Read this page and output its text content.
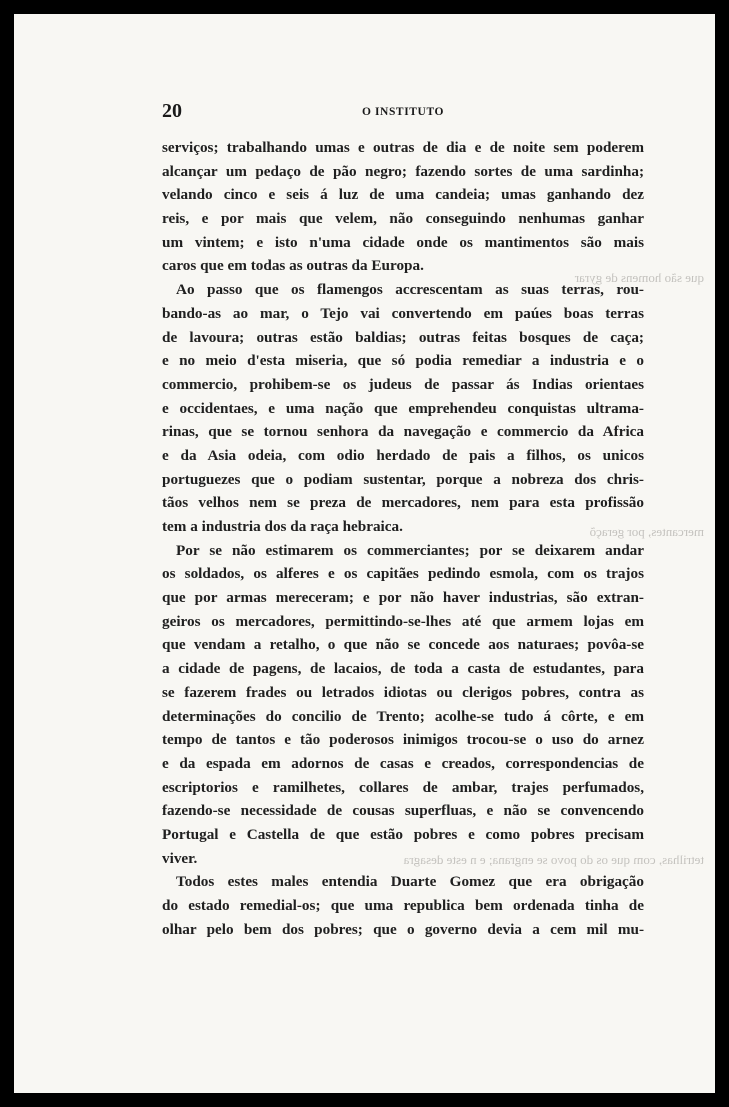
que são homens de gyrar
mercantes, por geraçõ
tetrilhas, com que os do povo se engrana; e n este desagra
20	O INSTITUTO
serviços; trabalhando umas e outras de dia e de noite sem poderem
alcançar um pedaço de pão negro; fazendo sortes de uma sardinha;
velando cinco e seis á luz de uma candeia; umas ganhando dez
reis, e por mais que velem, não conseguindo nenhumas ganhar
um vintem; e isto n'uma cidade onde os mantimentos são mais
caros que em todas as outras da Europa.
Ao passo que os flamengos accrescentam as suas terras, rou-
bando-as ao mar, o Tejo vai convertendo em paúes boas terras
de lavoura; outras estão baldias; outras feitas bosques de caça;
e no meio d'esta miseria, que só podia remediar a industria e o
commercio, prohibem-se os judeus de passar ás Indias orientaes
e occidentaes, e uma nação que emprehendeu conquistas ultrama-
rinas, que se tornou senhora da navegação e commercio da Africa
e da Asia odeia, com odio herdado de pais a filhos, os unicos
portuguezes que o podiam sustentar, porque a nobreza dos chris-
tãos velhos nem se preza de mercadores, nem para esta profissão
tem a industria dos da raça hebraica.
Por se não estimarem os commerciantes; por se deixarem andar
os soldados, os alferes e os capitães pedindo esmola, com os trajos
que por armas mereceram; e por não haver industrias, são extran-
geiros os mercadores, permittindo-se-lhes até que armem lojas em
que vendam a retalho, o que não se concede aos naturaes; povôa-se
a cidade de pagens, de lacaios, de toda a casta de estudantes, para
se fazerem frades ou letrados idiotas ou clerigos pobres, contra as
determinações do concilio de Trento; acolhe-se tudo á côrte, e em
tempo de tantos e tão poderosos inimigos trocou-se o uso do arnez
e da espada em adornos de casas e creados, correspondencias de
escriptorios e ramilhetes, collares de ambar, trajes perfumados,
fazendo-se necessidade de cousas superfluas, e não se convencendo
Portugal e Castella de que estão pobres e como pobres precisam
viver.
Todos estes males entendia Duarte Gomez que era obrigação
do estado remedial-os; que uma republica bem ordenada tinha de
olhar pelo bem dos pobres; que o governo devia a cem mil mu-
